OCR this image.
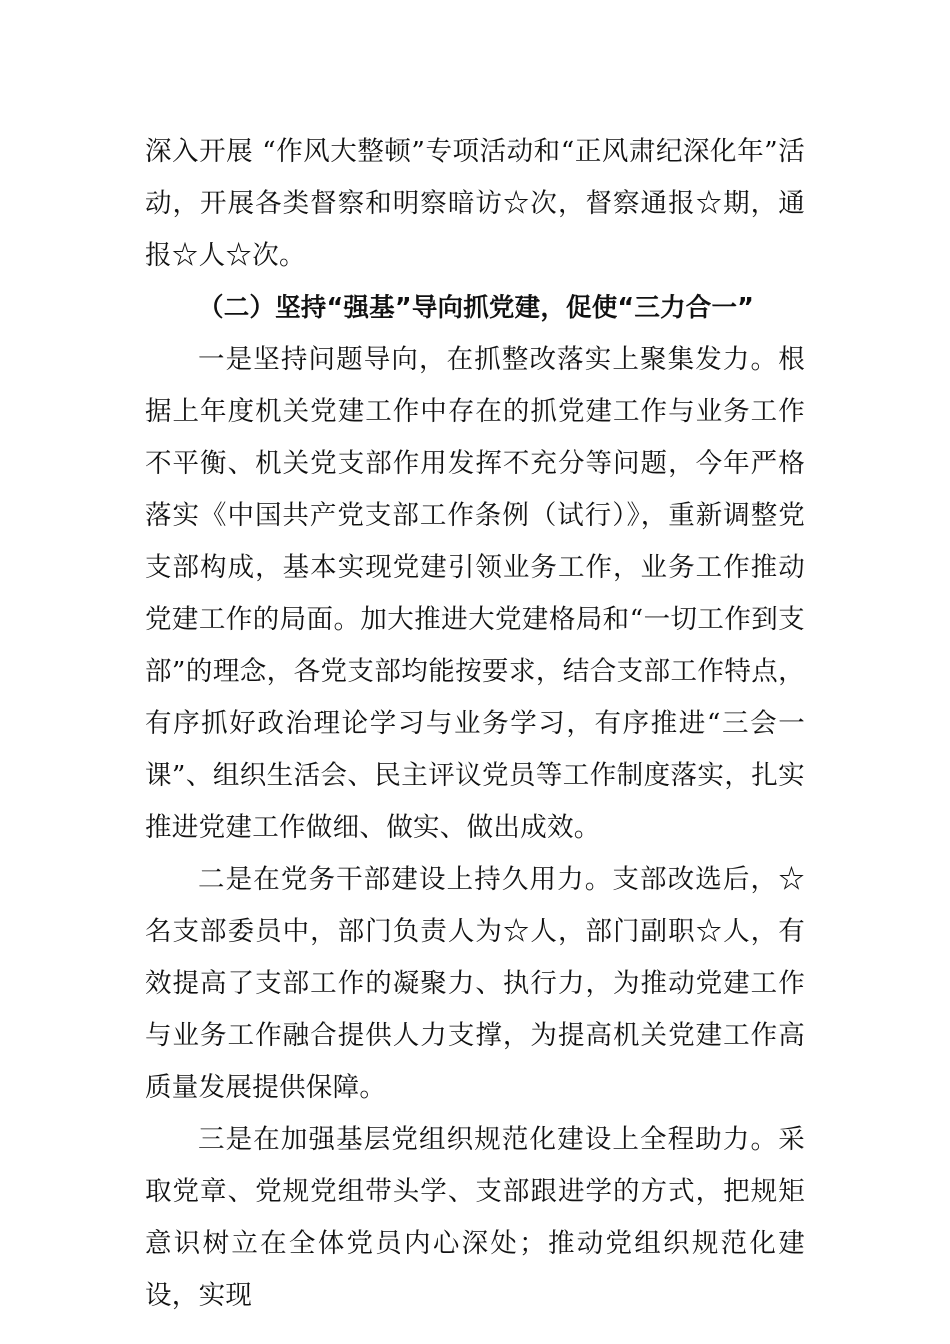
深入开展 “作风大整顿”专项活动和“正风肃纪深化年”活动，开展各类督察和明察暗访☆次，督察通报☆期，通报☆人☆次。

（二）坚持“强基”导向抓党建，促使“三力合一”

一是坚持问题导向，在抓整改落实上聚集发力。根据上年度机关党建工作中存在的抓党建工作与业务工作不平衡、机关党支部作用发挥不充分等问题，今年严格落实《中国共产党支部工作条例（试行）》，重新调整党支部构成，基本实现党建引领业务工作，业务工作推动党建工作的局面。加大推进大党建格局和“一切工作到支部”的理念，各党支部均能按要求，结合支部工作特点，有序抓好政治理论学习与业务学习，有序推进“三会一课”、组织生活会、民主评议党员等工作制度落实，扎实推进党建工作做细、做实、做出成效。

二是在党务干部建设上持久用力。支部改选后，☆名支部委员中，部门负责人为☆人，部门副职☆人，有效提高了支部工作的凝聚力、执行力，为推动党建工作与业务工作融合提供人力支撑，为提高机关党建工作高质量发展提供保障。

三是在加强基层党组织规范化建设上全程助力。采取党章、党规党组带头学、支部跟进学的方式，把规矩意识树立在全体党员内心深处；推动党组织规范化建设，实现
